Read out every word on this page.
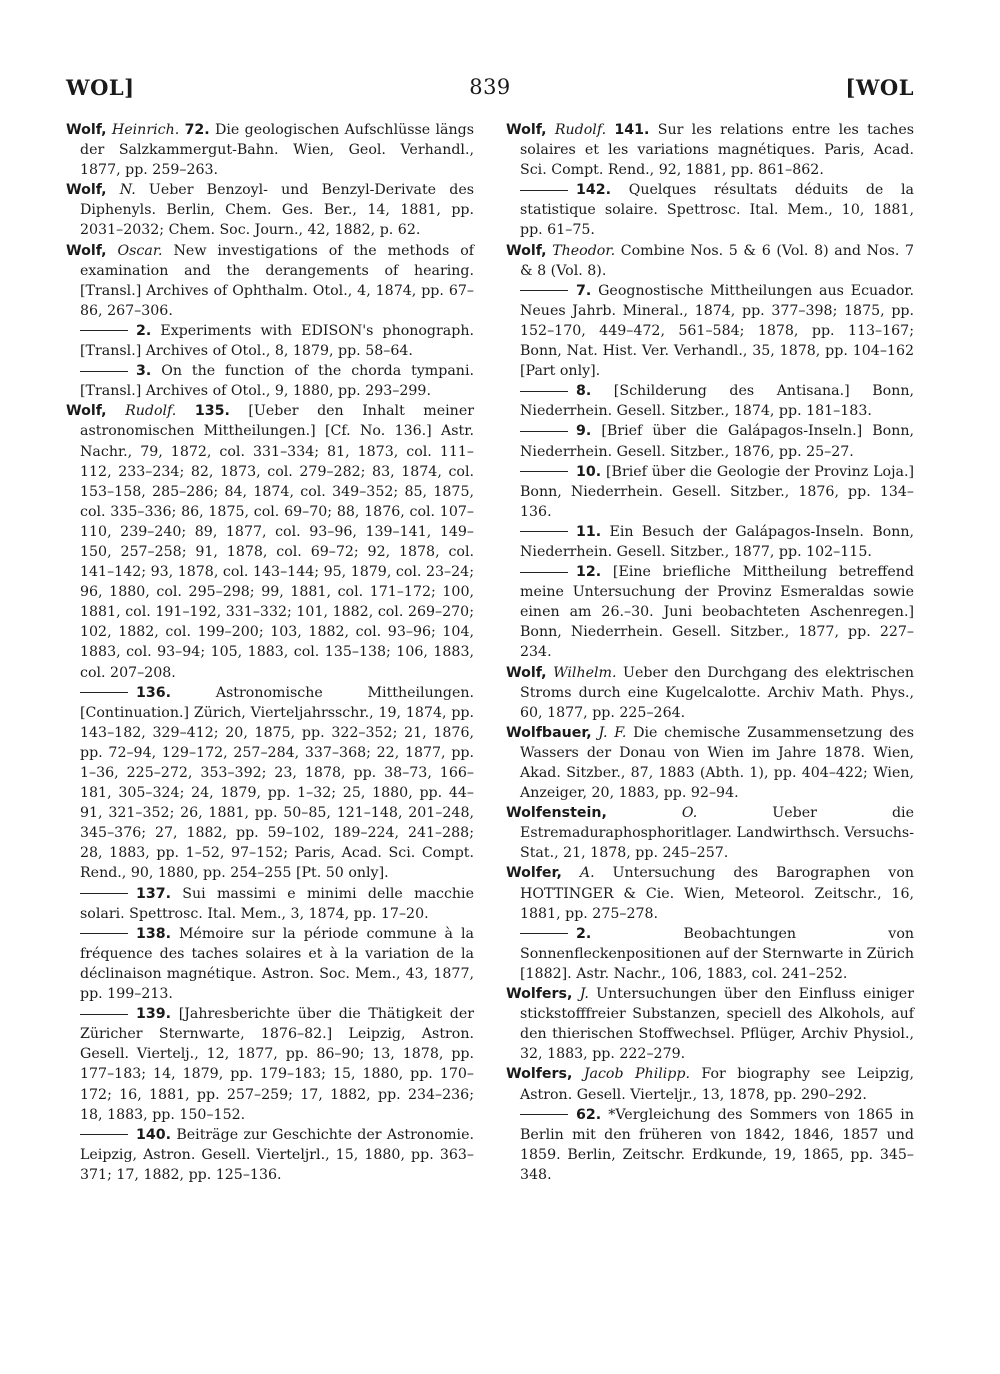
WOL]	839	[WOL

Wolf, Heinrich. 72. Die geologischen Aufschlüsse längs der Salzkammergut-Bahn. Wien, Geol. Verhandl., 1877, pp. 259–263.

Wolf, N. Ueber Benzoyl- und Benzyl-Derivate des Diphenyls. Berlin, Chem. Ges. Ber., 14, 1881, pp. 2031–2032; Chem. Soc. Journ., 42, 1882, p. 62.

Wolf, Oscar. New investigations of the methods of examination and the derangements of hearing. [Transl.] Archives of Ophthalm. Otol., 4, 1874, pp. 67–86, 267–306.

2. Experiments with EDISON's phonograph. [Transl.] Archives of Otol., 8, 1879, pp. 58–64.

3. On the function of the chorda tympani. [Transl.] Archives of Otol., 9, 1880, pp. 293–299.

Wolf, Rudolf. 135. [Ueber den Inhalt meiner astronomischen Mittheilungen.] [Cf. No. 136.] Astr. Nachr., 79, 1872, col. 331–334; 81, 1873, col. 111–112, 233–234; 82, 1873, col. 279–282; 83, 1874, col. 153–158, 285–286; 84, 1874, col. 349–352; 85, 1875, col. 335–336; 86, 1875, col. 69–70; 88, 1876, col. 107–110, 239–240; 89, 1877, col. 93–96, 139–141, 149–150, 257–258; 91, 1878, col. 69–72; 92, 1878, col. 141–142; 93, 1878, col. 143–144; 95, 1879, col. 23–24; 96, 1880, col. 295–298; 99, 1881, col. 171–172; 100, 1881, col. 191–192, 331–332; 101, 1882, col. 269–270; 102, 1882, col. 199–200; 103, 1882, col. 93–96; 104, 1883, col. 93–94; 105, 1883, col. 135–138; 106, 1883, col. 207–208.

136. Astronomische Mittheilungen. [Continuation.] Zürich, Vierteljahrsschr., 19, 1874, pp. 143–182, 329–412; 20, 1875, pp. 322–352; 21, 1876, pp. 72–94, 129–172, 257–284, 337–368; 22, 1877, pp. 1–36, 225–272, 353–392; 23, 1878, pp. 38–73, 166–181, 305–324; 24, 1879, pp. 1–32; 25, 1880, pp. 44–91, 321–352; 26, 1881, pp. 50–85, 121–148, 201–248, 345–376; 27, 1882, pp. 59–102, 189–224, 241–288; 28, 1883, pp. 1–52, 97–152; Paris, Acad. Sci. Compt. Rend., 90, 1880, pp. 254–255 [Pt. 50 only].

137. Sui massimi e minimi delle macchie solari. Spettrosc. Ital. Mem., 3, 1874, pp. 17–20.

138. Mémoire sur la période commune à la fréquence des taches solaires et à la variation de la déclinaison magnétique. Astron. Soc. Mem., 43, 1877, pp. 199–213.

139. [Jahresberichte über die Thätigkeit der Züricher Sternwarte, 1876–82.] Leipzig, Astron. Gesell. Viertelj., 12, 1877, pp. 86–90; 13, 1878, pp. 177–183; 14, 1879, pp. 179–183; 15, 1880, pp. 170–172; 16, 1881, pp. 257–259; 17, 1882, pp. 234–236; 18, 1883, pp. 150–152.

140. Beiträge zur Geschichte der Astronomie. Leipzig, Astron. Gesell. Vierteljrl., 15, 1880, pp. 363–371; 17, 1882, pp. 125–136.

Wolf, Rudolf. 141. Sur les relations entre les taches solaires et les variations magnétiques. Paris, Acad. Sci. Compt. Rend., 92, 1881, pp. 861–862.

142. Quelques résultats déduits de la statistique solaire. Spettrosc. Ital. Mem., 10, 1881, pp. 61–75.

Wolf, Theodor. Combine Nos. 5 & 6 (Vol. 8) and Nos. 7 & 8 (Vol. 8).

7. Geognostische Mittheilungen aus Ecuador. Neues Jahrb. Mineral., 1874, pp. 377–398; 1875, pp. 152–170, 449–472, 561–584; 1878, pp. 113–167; Bonn, Nat. Hist. Ver. Verhandl., 35, 1878, pp. 104–162 [Part only].

8. [Schilderung des Antisana.] Bonn, Niederrhein. Gesell. Sitzber., 1874, pp. 181–183.

9. [Brief über die Galápagos-Inseln.] Bonn, Niederrhein. Gesell. Sitzber., 1876, pp. 25–27.

10. [Brief über die Geologie der Provinz Loja.] Bonn, Niederrhein. Gesell. Sitzber., 1876, pp. 134–136.

11. Ein Besuch der Galápagos-Inseln. Bonn, Niederrhein. Gesell. Sitzber., 1877, pp. 102–115.

12. [Eine briefliche Mittheilung betreffend meine Untersuchung der Provinz Esmeraldas sowie einen am 26.–30. Juni beobachteten Aschenregen.] Bonn, Niederrhein. Gesell. Sitzber., 1877, pp. 227–234.

Wolf, Wilhelm. Ueber den Durchgang des elektrischen Stroms durch eine Kugelcalotte. Archiv Math. Phys., 60, 1877, pp. 225–264.

Wolfbauer, J. F. Die chemische Zusammensetzung des Wassers der Donau von Wien im Jahre 1878. Wien, Akad. Sitzber., 87, 1883 (Abth. 1), pp. 404–422; Wien, Anzeiger, 20, 1883, pp. 92–94.

Wolfenstein,	O. Ueber die Estremaduraphosphoritlager. Landwirthsch. Versuchs-Stat., 21, 1878, pp. 245–257.

Wolfer, A. Untersuchung des Barographen von HOTTINGER & Cie. Wien, Meteorol. Zeitschr., 16, 1881, pp. 275–278.

2. Beobachtungen von Sonnenfleckenpositionen auf der Sternwarte in Zürich [1882]. Astr. Nachr., 106, 1883, col. 241–252.

Wolfers, J. Untersuchungen über den Einfluss einiger stickstofffreier Substanzen, speciell des Alkohols, auf den thierischen Stoffwechsel. Pflüger, Archiv Physiol., 32, 1883, pp. 222–279.

Wolfers, Jacob Philipp. For biography see Leipzig, Astron. Gesell. Vierteljr., 13, 1878, pp. 290–292.

62. *Vergleichung des Sommers von 1865 in Berlin mit den früheren von 1842, 1846, 1857 und 1859. Berlin, Zeitschr. Erdkunde, 19, 1865, pp. 345–348.
